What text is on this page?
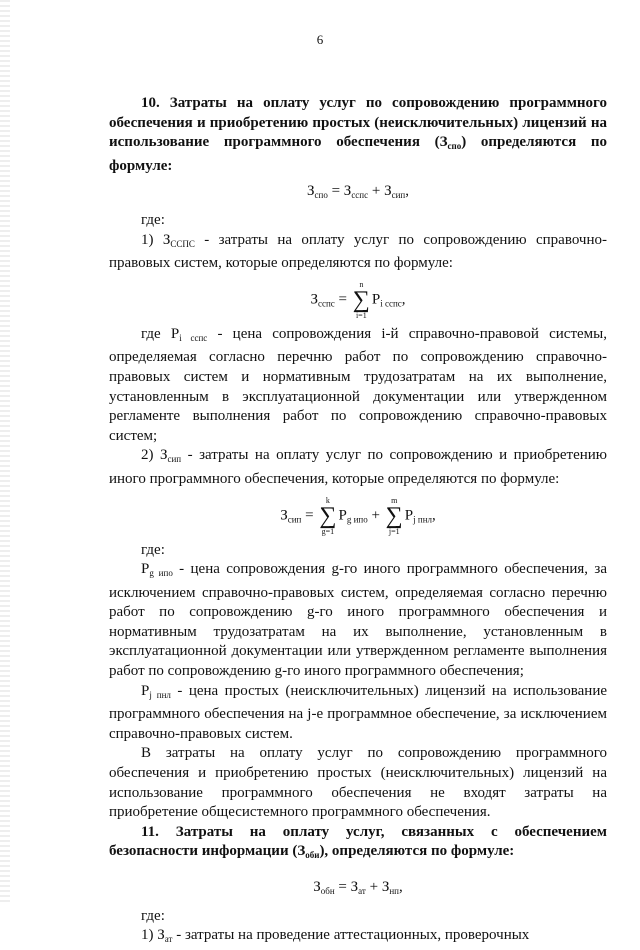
6

10. Затраты на оплату услуг по сопровождению программного обеспечения и приобретению простых (неисключительных) лицензий на использование программного обеспечения $(З_{спо})$ определяются по формуле:

$З_{спо} = З_{сспс} + З_{сип}$,

где:

1) $З_{ССПС}$ - затраты на оплату услуг по сопровождению справочно-правовых систем, которые определяются по формуле:

$З_{сспс}$ =
n
∑
i=1
$P_{i сспс}$,

где $P_{i сспс}$ - цена сопровождения i-й справочно-правовой системы, определяемая согласно перечню работ по сопровождению справочно-правовых систем и нормативным трудозатратам на их выполнение, установленным в эксплуатационной документации или утвержденном регламенте выполнения работ по сопровождению справочно-правовых систем;

2) $З_{сип}$ - затраты на оплату услуг по сопровождению и приобретению иного программного обеспечения, которые определяются по формуле:

$З_{сип}$ =
k
∑
g=1
$P_{g ипо}$ +
m
∑
j=1
$P_{j пнл}$,

где:

$P_{g ипо}$ - цена сопровождения g-го иного программного обеспечения, за исключением справочно-правовых систем, определяемая согласно перечню работ по сопровождению g-го иного программного обеспечения и нормативным трудозатратам на их выполнение, установленным в эксплуатационной документации или утвержденном регламенте выполнения работ по сопровождению g-го иного программного обеспечения;

$P_{j пнл}$ - цена простых (неисключительных) лицензий на использование программного обеспечения на j-е программное обеспечение, за исключением справочно-правовых систем.

В затраты на оплату услуг по сопровождению программного обеспечения и приобретению простых (неисключительных) лицензий на использование программного обеспечения не входят затраты на приобретение общесистемного программного обеспечения.

11. Затраты на оплату услуг, связанных с обеспечением безопасности информации $(З_{оби})$, определяются по формуле:

$З_{обн} = З_{ат} + З_{нп}$,

где:

1) $З_{ат}$ - затраты на проведение аттестационных, проверочных
